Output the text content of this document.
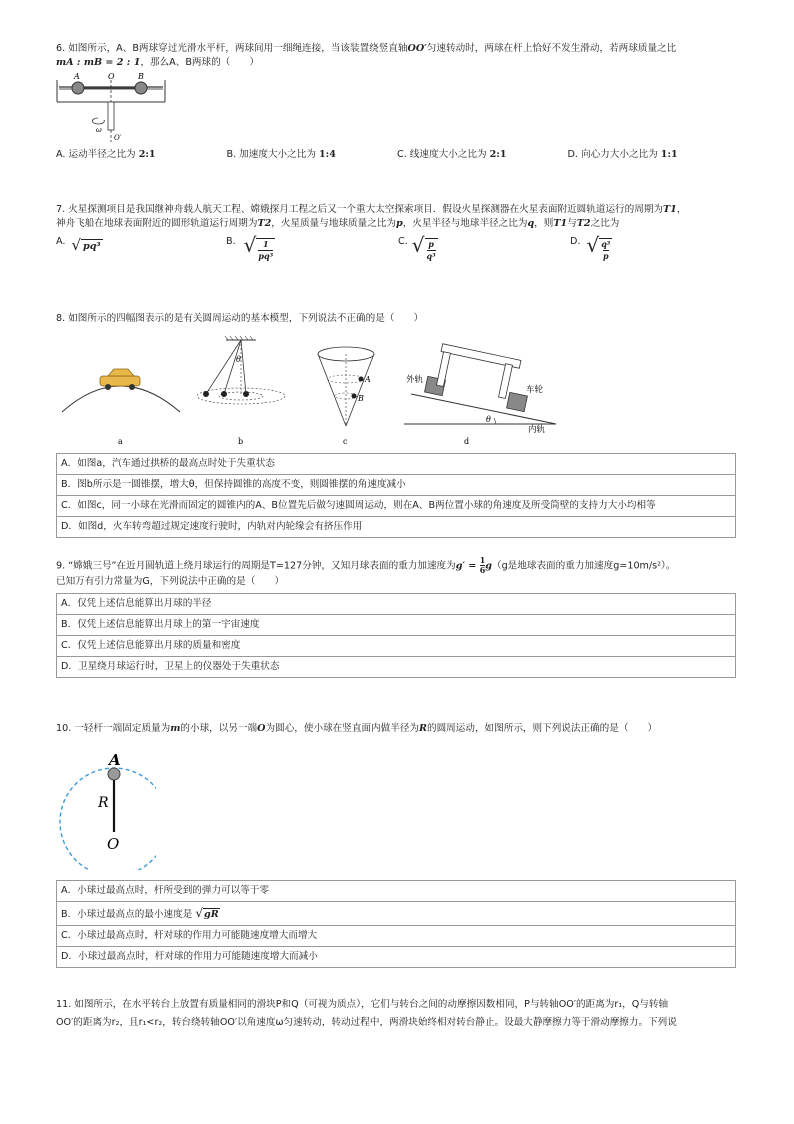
6. 如图所示，A、B两球穿过光滑水平杆，两球间用一细绳连接，当该装置绕竖直轴OO′匀速转动时，两球在杆上恰好不发生滑动，若两球质量之比
mA : mB = 2 : 1，那么A、B两球的（　　）

A	O	B
ω
O′
A. 运动半径之比为 2:1	B. 加速度大小之比为 1:4	C. 线速度大小之比为 2:1	D. 向心力大小之比为 1:1

7. 火星探测项目是我国继神舟载人航天工程、嫦娥探月工程之后又一个重大太空探索项目．假设火星探测器在火星表面附近圆轨道运行的周期为T1，
神舟飞船在地球表面附近的圆形轨道运行周期为T2，火星质量与地球质量之比为p，火星半径与地球半径之比为q，则T1与T2之比为

A. √ pq³	B. √ 1
pq³
C. √ p
q³
D. √ q³
p

8. 如图所示的四幅图表示的是有关圆周运动的基本模型，下列说法不正确的是（　　）

a
θ
b
A
B
c
外轨
车轮
θ
内轨
d
A．如图a，汽车通过拱桥的最高点时处于失重状态
B．图b所示是一圆锥摆，增大θ，但保持圆锥的高度不变，则圆锥摆的角速度减小
C．如图c，同一小球在光滑而固定的圆锥内的A、B位置先后做匀速圆周运动，则在A、B两位置小球的角速度及所受筒壁的支持力大小均相等
D．如图d，火车转弯超过规定速度行驶时，内轨对内轮缘会有挤压作用

9. “嫦娥三号”在近月圆轨道上绕月球运行的周期是T=127分钟，又知月球表面的重力加速度为$g' = \frac{1}{6} g(g$是地球表面的重力加速度g=10m/s²）。
已知万有引力常量为G，下列说法中正确的是（　　）

A．仅凭上述信息能算出月球的半径
B．仅凭上述信息能算出月球上的第一宇宙速度
C．仅凭上述信息能算出月球的质量和密度
D．卫星绕月球运行时，卫星上的仪器处于失重状态

10. 一轻杆一端固定质量为m的小球，以另一端O为圆心，使小球在竖直面内做半径为R的圆周运动，如图所示，则下列说法正确的是（　　）

A
R
O
A．小球过最高点时，杆所受到的弹力可以等于零
B．小球过最高点的最小速度是 √gR
C．小球过最高点时，杆对球的作用力可能随速度增大而增大
D．小球过最高点时，杆对球的作用力可能随速度增大而减小

11. 如图所示，在水平转台上放置有质量相同的滑块P和Q（可视为质点），它们与转台之间的动摩擦因数相同，P与转轴OO′的距离为r₁，Q与转轴
OO′的距离为r₂，且r₁<r₂，转台绕转轴OO′以角速度ω匀速转动，转动过程中，两滑块始终相对转台静止。设最大静摩擦力等于滑动摩擦力。下列说
